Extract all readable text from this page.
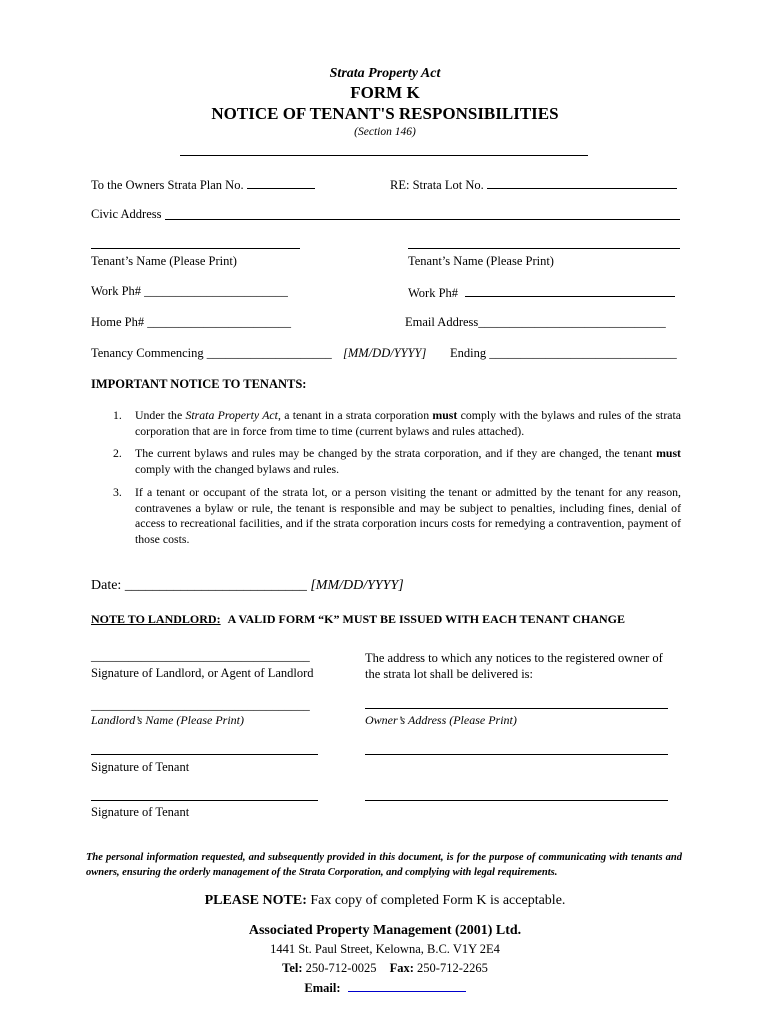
Strata Property Act
FORM K
NOTICE OF TENANT'S RESPONSIBILITIES
(Section 146)
To the Owners Strata Plan No.	RE: Strata Lot No.
Civic Address
Tenant’s Name (Please Print)	Tenant’s Name (Please Print)
Work Ph# _______________________	Work Ph#
Home Ph# _______________________	Email Address______________________________
Tenancy Commencing ____________________ [MM/DD/YYYY] Ending ______________________________
IMPORTANT NOTICE TO TENANTS:
1. Under the Strata Property Act, a tenant in a strata corporation must comply with the bylaws and rules of the strata corporation that are in force from time to time (current bylaws and rules attached).
2. The current bylaws and rules may be changed by the strata corporation, and if they are changed, the tenant must comply with the changed bylaws and rules.
3. If a tenant or occupant of the strata lot, or a person visiting the tenant or admitted by the tenant for any reason, contravenes a bylaw or rule, the tenant is responsible and may be subject to penalties, including fines, denial of access to recreational facilities, and if the strata corporation incurs costs for remedying a contravention, payment of those costs.
Date: __________________________ [MM/DD/YYYY]
NOTE TO LANDLORD: A VALID FORM “K” MUST BE ISSUED WITH EACH TENANT CHANGE
___________________________________
Signature of Landlord, or Agent of Landlord
The address to which any notices to the registered owner of the strata lot shall be delivered is:
___________________________________
Landlord’s Name (Please Print)	Owner’s Address (Please Print)
Signature of Tenant
Signature of Tenant
The personal information requested, and subsequently provided in this document, is for the purpose of communicating with tenants and owners, ensuring the orderly management of the Strata Corporation, and complying with legal requirements.
PLEASE NOTE: Fax copy of completed Form K is acceptable.
Associated Property Management (2001) Ltd.
1441 St. Paul Street, Kelowna, B.C. V1Y 2E4
Tel: 250-712-0025 Fax: 250-712-2265
Email:
